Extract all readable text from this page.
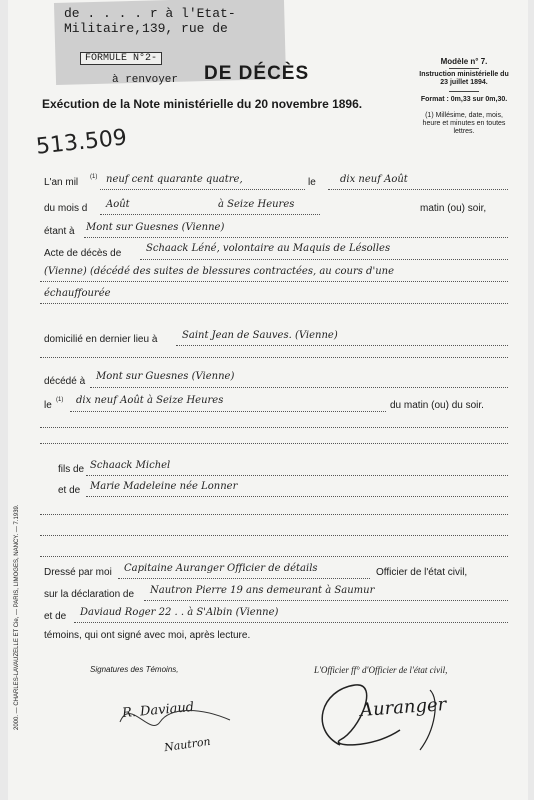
de . . . . r à l'Etat-
Militaire,139, rue de
FORMULE N°2-
à renvoyer DE DÉCÈS
Exécution de la Note ministérielle du 20 novembre 1896.
Modèle n° 7.
Instruction ministérielle du 23 juillet 1894.
Format : 0m,33 sur 0m,30.
(1) Millésime, date, mois, heure et minutes en toutes lettres.
513.509
L'an mil (1) neuf cent quarante quatre,	le dix neuf Août
du mois d Août	à Seize Heures	matin (ou) soir,
étant à Mont sur Guesnes (Vienne)
Acte de décès de Schaack Léné, volontaire au Maquis de Lésolles
(Vienne) (décédé des suites de blessures contractées, au cours d'une
échauffourée
domicilié en dernier lieu à Saint Jean de Sauves. (Vienne)
décédé à Mont sur Guesnes (Vienne)
le (1) dix neuf Août à Seize Heures	du matin (ou) du soir.
fils de Schaack Michel
et de Marie Madeleine née Lonner
Dressé par moi Capitaine Auranger Officier de détails	Officier de l'état civil,
sur la déclaration de Nautron Pierre 19 ans demeurant à Saumur
et de Daviaud Roger 22 . . à S'Albin (Vienne)
témoins, qui ont signé avec moi, après lecture.
Signatures des Témoins,	L'Officier ff° d'Officier de l'état civil,
R. Daviaud
Nautron
Auranger
2000. — CHARLES-LAVAUZELLE ET Cie, — PARIS, LIMOGES, NANCY. — 7.1939.
